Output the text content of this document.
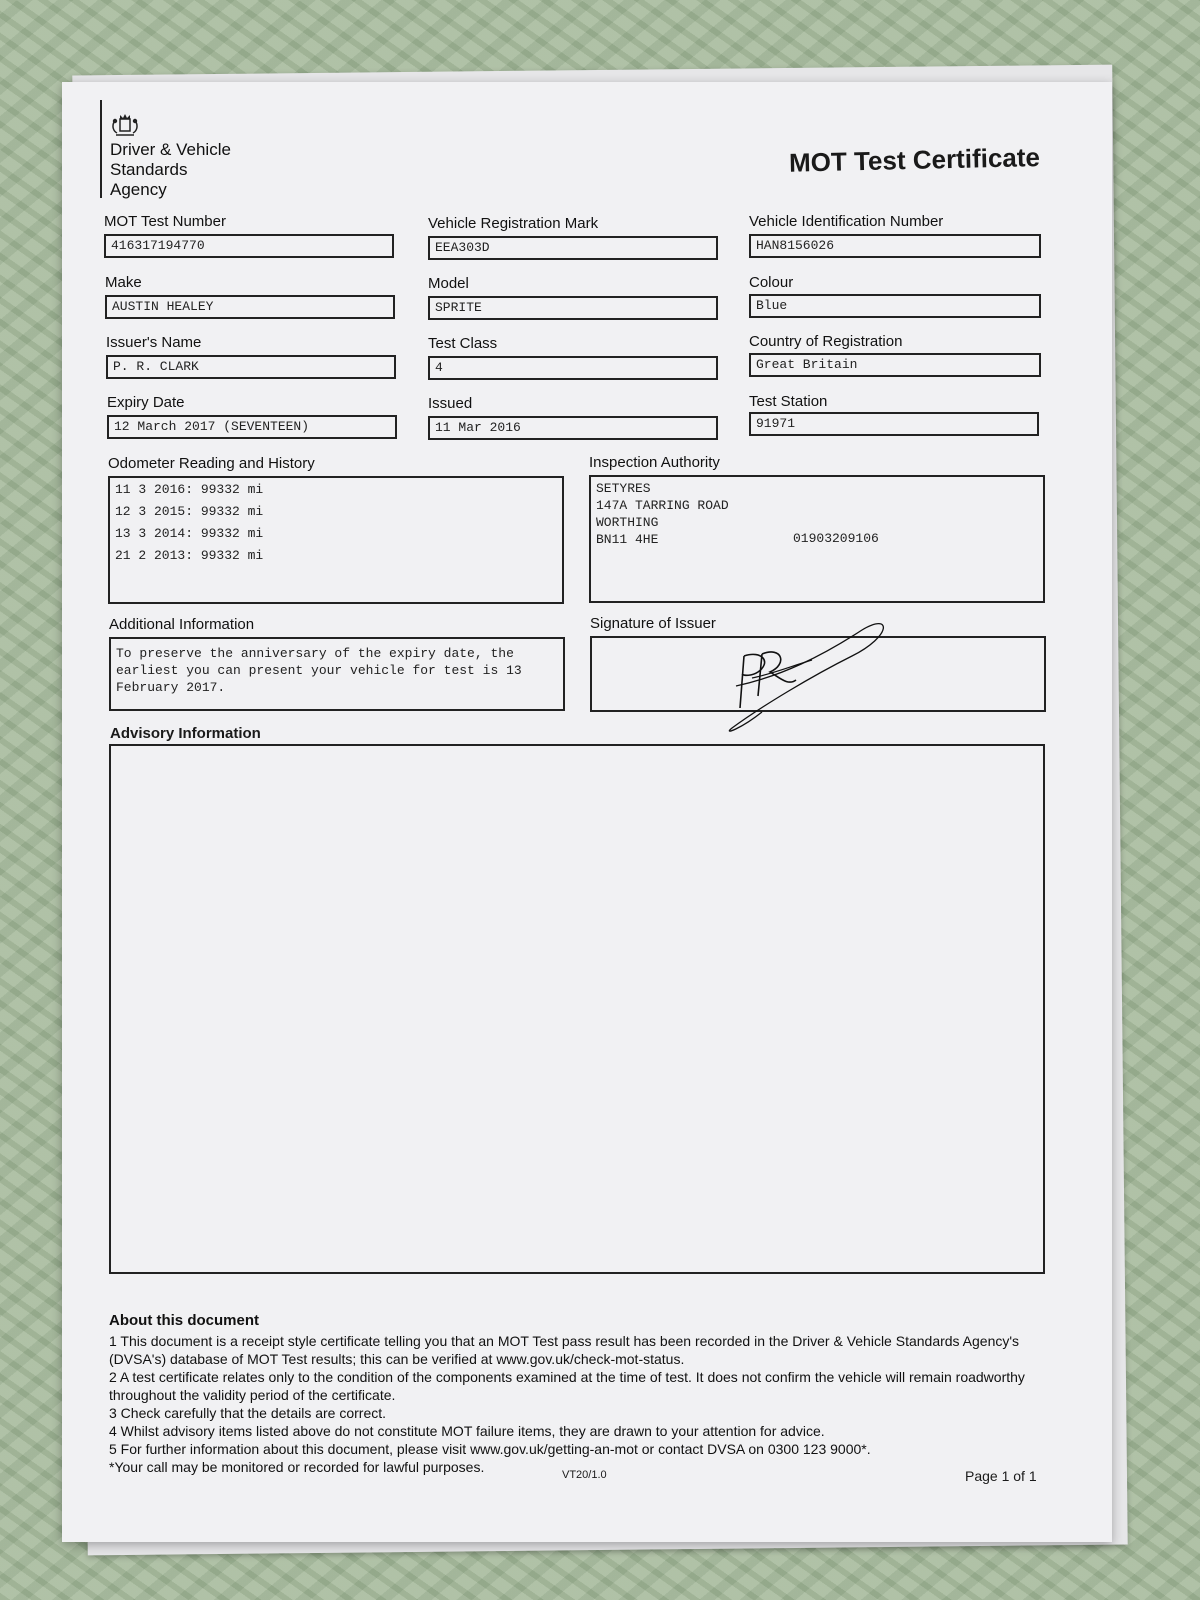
Driver & Vehicle
Standards
Agency
MOT Test Certificate
MOT Test Number
416317194770
Vehicle Registration Mark
EEA303D
Vehicle Identification Number
HAN8156026
Make
AUSTIN HEALEY
Model
SPRITE
Colour
Blue
Issuer's Name
P. R. CLARK
Test Class
4
Country of Registration
Great Britain
Expiry Date
12 March 2017 (SEVENTEEN)
Issued
11 Mar 2016
Test Station
91971
Odometer Reading and History
11 3 2016: 99332 mi
12 3 2015: 99332 mi
13 3 2014: 99332 mi
21 2 2013: 99332 mi
Inspection Authority
SETYRES
147A TARRING ROAD
WORTHING
BN11 4HE	01903209106
Additional Information
To preserve the anniversary of the expiry date, the earliest you can present your vehicle for test is 13 February 2017.
Signature of Issuer
Advisory Information

About this document

1 This document is a receipt style certificate telling you that an MOT Test pass result has been recorded in the Driver & Vehicle Standards Agency's (DVSA's) database of MOT Test results; this can be verified at www.gov.uk/check-mot-status.

2 A test certificate relates only to the condition of the components examined at the time of test. It does not confirm the vehicle will remain roadworthy throughout the validity period of the certificate.

3 Check carefully that the details are correct.

4 Whilst advisory items listed above do not constitute MOT failure items, they are drawn to your attention for advice.

5 For further information about this document, please visit www.gov.uk/getting-an-mot or contact DVSA on 0300 123 9000*.

*Your call may be monitored or recorded for lawful purposes.	VT20/1.0	Page 1 of 1
